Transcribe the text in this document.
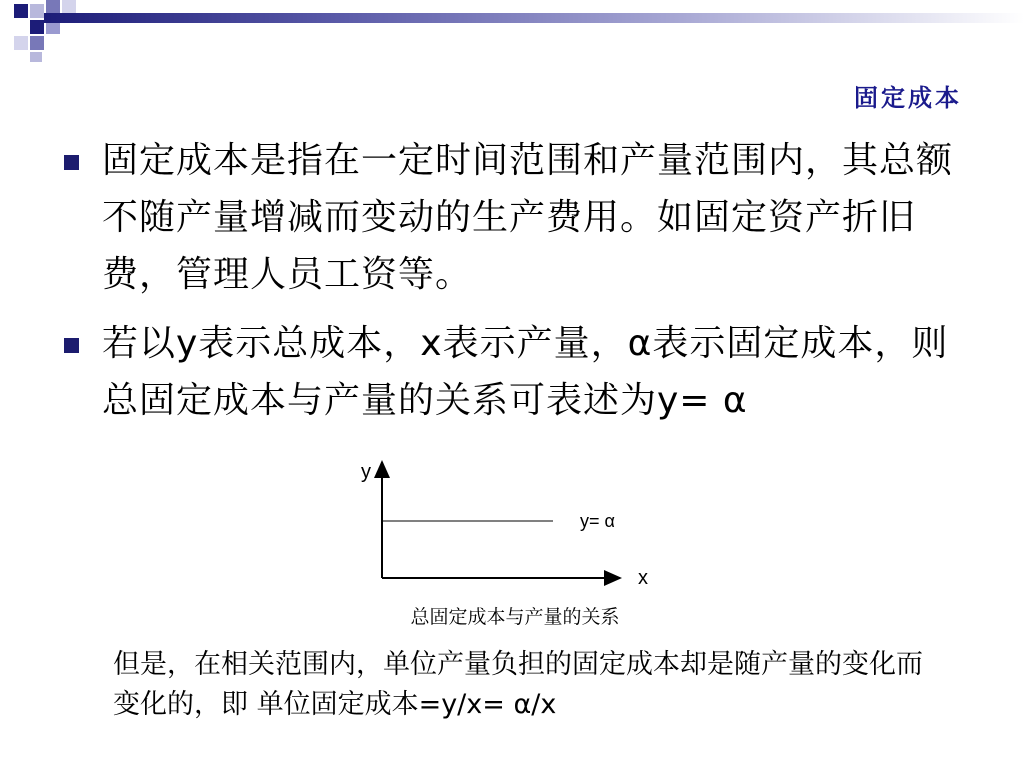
固定成本
固定成本是指在一定时间范围和产量范围内，其总额不随产量增减而变动的生产费用。如固定资产折旧费，管理人员工资等。
若以y表示总成本，x表示产量，α表示固定成本，则总固定成本与产量的关系可表述为y= α
y
x
y= α
总固定成本与产量的关系
但是，在相关范围内，单位产量负担的固定成本却是随产量的变化而变化的，即 单位固定成本=y/x= α/x
